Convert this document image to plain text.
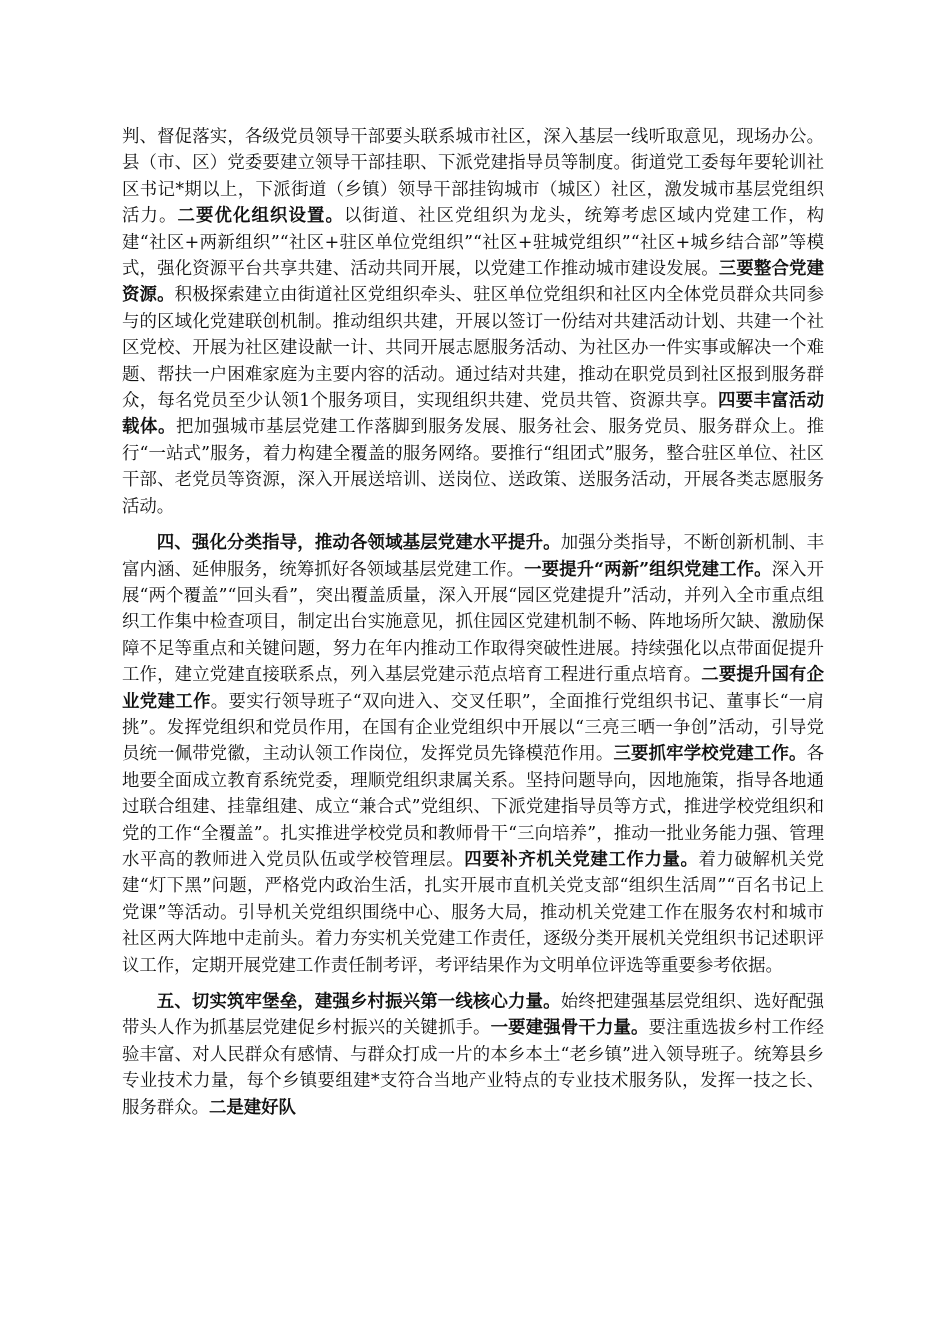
判、督促落实，各级党员领导干部要头联系城市社区，深入基层一线听取意见，现场办公。县（市、区）党委要建立领导干部挂职、下派党建指导员等制度。街道党工委每年要轮训社区书记*期以上，下派街道（乡镇）领导干部挂钩城市（城区）社区，激发城市基层党组织活力。二要优化组织设置。以街道、社区党组织为龙头，统筹考虑区域内党建工作，构建“社区+两新组织”“社区+驻区单位党组织”“社区+驻城党组织”“社区+城乡结合部”等模式，强化资源平台共享共建、活动共同开展，以党建工作推动城市建设发展。三要整合党建资源。积极探索建立由街道社区党组织牵头、驻区单位党组织和社区内全体党员群众共同参与的区域化党建联创机制。推动组织共建，开展以签订一份结对共建活动计划、共建一个社区党校、开展为社区建设献一计、共同开展志愿服务活动、为社区办一件实事或解决一个难题、帮扶一户困难家庭为主要内容的活动。通过结对共建，推动在职党员到社区报到服务群众，每名党员至少认领1个服务项目，实现组织共建、党员共管、资源共享。四要丰富活动载体。把加强城市基层党建工作落脚到服务发展、服务社会、服务党员、服务群众上。推行“一站式”服务，着力构建全覆盖的服务网络。要推行“组团式”服务，整合驻区单位、社区干部、老党员等资源，深入开展送培训、送岗位、送政策、送服务活动，开展各类志愿服务活动。

四、强化分类指导，推动各领域基层党建水平提升。加强分类指导，不断创新机制、丰富内涵、延伸服务，统筹抓好各领域基层党建工作。一要提升“两新”组织党建工作。深入开展“两个覆盖”“回头看”，突出覆盖质量，深入开展“园区党建提升”活动，并列入全市重点组织工作集中检查项目，制定出台实施意见，抓住园区党建机制不畅、阵地场所欠缺、激励保障不足等重点和关键问题，努力在年内推动工作取得突破性进展。持续强化以点带面促提升工作，建立党建直接联系点，列入基层党建示范点培育工程进行重点培育。二要提升国有企业党建工作。要实行领导班子“双向进入、交叉任职”，全面推行党组织书记、董事长“一肩挑”。发挥党组织和党员作用，在国有企业党组织中开展以“三亮三晒一争创”活动，引导党员统一佩带党徽，主动认领工作岗位，发挥党员先锋模范作用。三要抓牢学校党建工作。各地要全面成立教育系统党委，理顺党组织隶属关系。坚持问题导向，因地施策，指导各地通过联合组建、挂靠组建、成立“兼合式”党组织、下派党建指导员等方式，推进学校党组织和党的工作“全覆盖”。扎实推进学校党员和教师骨干“三向培养”，推动一批业务能力强、管理水平高的教师进入党员队伍或学校管理层。四要补齐机关党建工作力量。着力破解机关党建“灯下黑”问题，严格党内政治生活，扎实开展市直机关党支部“组织生活周”“百名书记上党课”等活动。引导机关党组织围绕中心、服务大局，推动机关党建工作在服务农村和城市社区两大阵地中走前头。着力夯实机关党建工作责任，逐级分类开展机关党组织书记述职评议工作，定期开展党建工作责任制考评，考评结果作为文明单位评选等重要参考依据。

五、切实筑牢堡垒，建强乡村振兴第一线核心力量。始终把建强基层党组织、选好配强带头人作为抓基层党建促乡村振兴的关键抓手。一要建强骨干力量。要注重选拔乡村工作经验丰富、对人民群众有感情、与群众打成一片的本乡本土“老乡镇”进入领导班子。统筹县乡专业技术力量，每个乡镇要组建*支符合当地产业特点的专业技术服务队，发挥一技之长、服务群众。二是建好队
